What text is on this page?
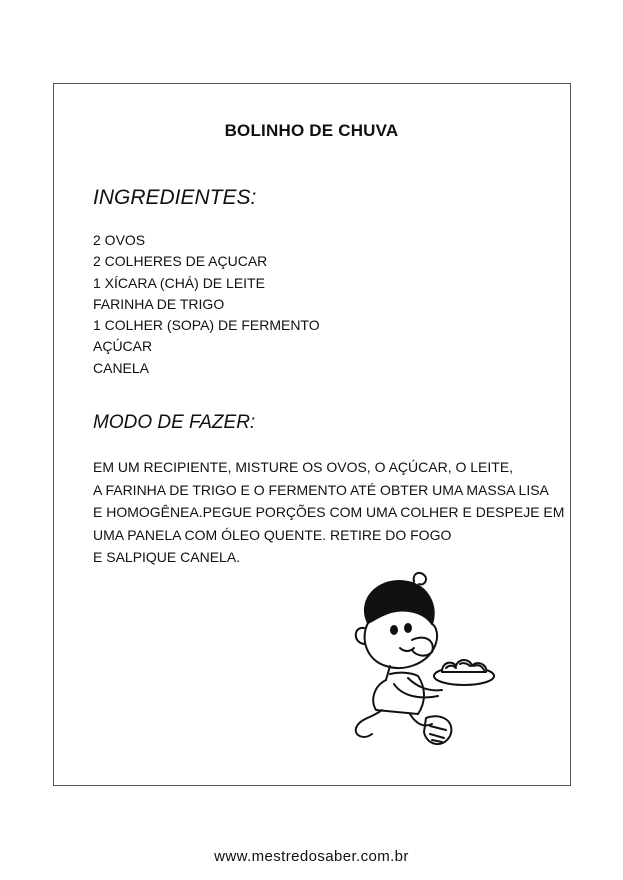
BOLINHO DE CHUVA
INGREDIENTES:
2 OVOS
2 COLHERES DE AÇUCAR
1 XÍCARA (CHÁ) DE LEITE
FARINHA DE TRIGO
1 COLHER (SOPA) DE FERMENTO
AÇÚCAR
CANELA
MODO DE FAZER:
EM UM RECIPIENTE, MISTURE OS OVOS, O AÇÚCAR, O LEITE,
A FARINHA DE TRIGO E O FERMENTO ATÉ OBTER UMA MASSA LISA
E HOMOGÊNEA.PEGUE PORÇÕES COM UMA COLHER E DESPEJE EM
UMA PANELA COM ÓLEO QUENTE. RETIRE DO FOGO
E SALPIQUE CANELA.
www.mestredosaber.com.br
